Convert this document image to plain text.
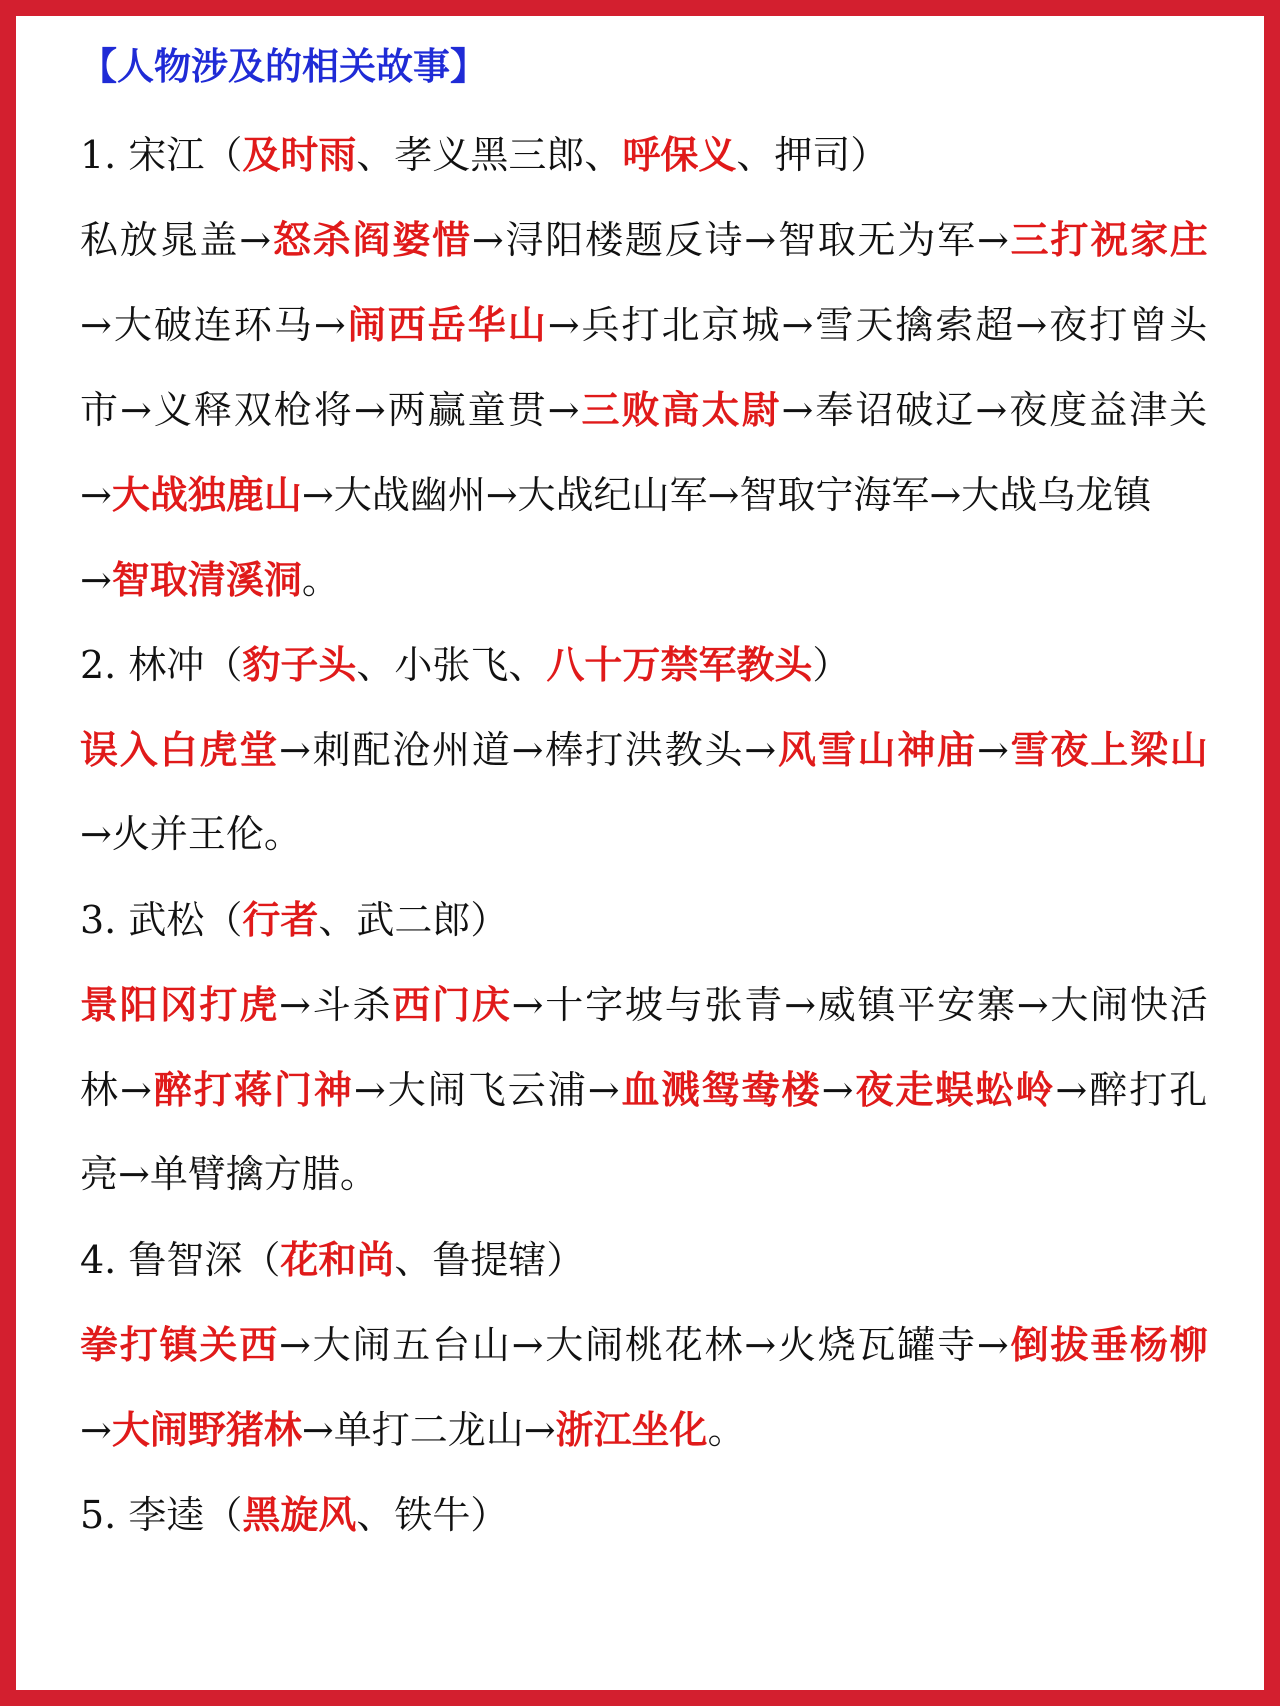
【人物涉及的相关故事】
1. 宋江（及时雨、孝义黑三郎、呼保义、押司）
私放晁盖→怒杀阎婆惜→浔阳楼题反诗→智取无为军→三打祝家庄
→大破连环马→闹西岳华山→兵打北京城→雪天擒索超→夜打曾头
市→义释双枪将→两赢童贯→三败高太尉→奉诏破辽→夜度益津关
→大战独鹿山→大战幽州→大战纪山军→智取宁海军→大战乌龙镇
→智取清溪洞。
2. 林冲（豹子头、小张飞、八十万禁军教头）
误入白虎堂→刺配沧州道→棒打洪教头→风雪山神庙→雪夜上梁山
→火并王伦。
3. 武松（行者、武二郎）
景阳冈打虎→斗杀西门庆→十字坡与张青→威镇平安寨→大闹快活
林→醉打蒋门神→大闹飞云浦→血溅鸳鸯楼→夜走蜈蚣岭→醉打孔
亮→单臂擒方腊。
4. 鲁智深（花和尚、鲁提辖）
拳打镇关西→大闹五台山→大闹桃花林→火烧瓦罐寺→倒拔垂杨柳
→大闹野猪林→单打二龙山→浙江坐化。
5. 李逵（黑旋风、铁牛）
